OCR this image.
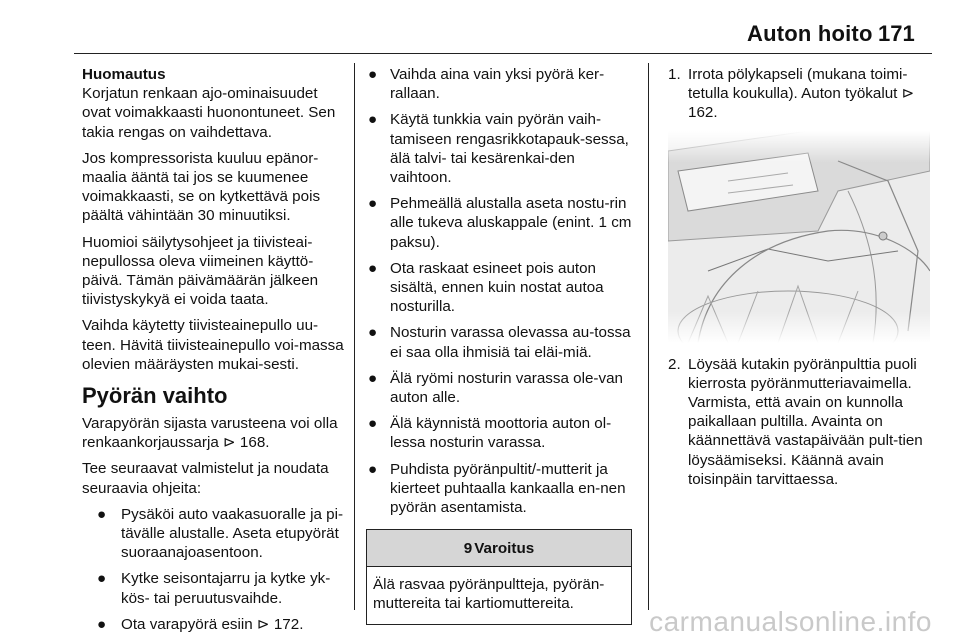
Auton hoito 171
Huomautus

Korjatun renkaan ajo-ominaisuudet ovat voimakkaasti huonontuneet. Sen takia rengas on vaihdettava.

Jos kompressorista kuuluu epänor-maalia ääntä tai jos se kuumenee voimakkaasti, se on kytkettävä pois päältä vähintään 30 minuutiksi.

Huomioi säilytysohjeet ja tiivisteai-nepullossa oleva viimeinen käyttö-päivä. Tämän päivämäärän jälkeen tiivistyskykyä ei voida taata.

Vaihda käytetty tiivisteainepullo uu-teen. Hävitä tiivisteainepullo voi-massa olevien määräysten mukai-sesti.

Pyörän vaihto

Varapyörän sijasta varusteena voi olla renkaankorjaussarja ⊳ 168.

Tee seuraavat valmistelut ja noudata seuraavia ohjeita:

● Pysäköi auto vaakasuoralle ja pi-tävälle alustalle. Aseta etupyörät suoraanajoasentoon.
● Kytke seisontajarru ja kytke yk-kös- tai peruutusvaihde.
● Ota varapyörä esiin ⊳ 172.
● Vaihda aina vain yksi pyörä ker-rallaan.
● Käytä tunkkia vain pyörän vaih-tamiseen rengasrikkotapauk-sessa, älä talvi- tai kesärenkai-den vaihtoon.
● Pehmeällä alustalla aseta nostu-rin alle tukeva aluskappale (enint. 1 cm paksu).
● Ota raskaat esineet pois auton sisältä, ennen kuin nostat autoa nosturilla.
● Nosturin varassa olevassa au-tossa ei saa olla ihmisiä tai eläi-miä.
● Älä ryömi nosturin varassa ole-van auton alle.
● Älä käynnistä moottoria auton ol-lessa nosturin varassa.
● Puhdista pyöränpultit/-mutterit ja kierteet puhtaalla kankaalla en-nen pyörän asentamista.
9 Varoitus
Älä rasvaa pyöränpultteja, pyörän-muttereita tai kartiomuttereita.
1. Irrota pölykapseli (mukana toimi-tetulla koukulla). Auton työkalut ⊳ 162.
2. Löysää kutakin pyöränpulttia puoli kierrosta pyöränmutteriavaimella. Varmista, että avain on kunnolla paikallaan pultilla. Avainta on käännettävä vastapäivään pult-tien löysäämiseksi. Käännä avain toisinpäin tarvittaessa.
carmanualsonline.info
